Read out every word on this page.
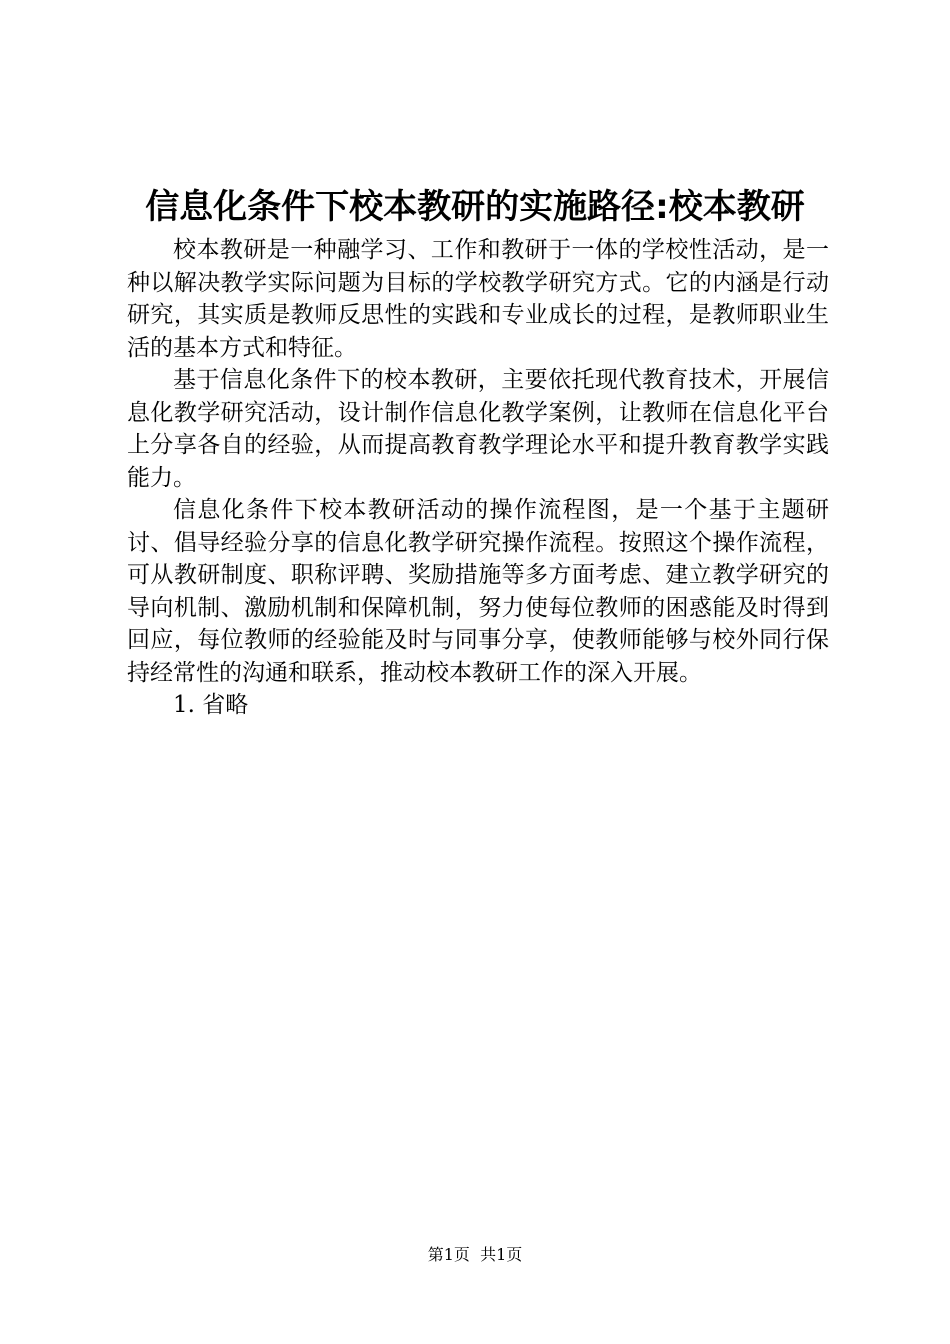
信息化条件下校本教研的实施路径:校本教研

校本教研是一种融学习、工作和教研于一体的学校性活动，是一种以解决教学实际问题为目标的学校教学研究方式。它的内涵是行动研究，其实质是教师反思性的实践和专业成长的过程，是教师职业生活的基本方式和特征。

基于信息化条件下的校本教研，主要依托现代教育技术，开展信息化教学研究活动，设计制作信息化教学案例，让教师在信息化平台上分享各自的经验，从而提高教育教学理论水平和提升教育教学实践能力。

信息化条件下校本教研活动的操作流程图，是一个基于主题研讨、倡导经验分享的信息化教学研究操作流程。按照这个操作流程，可从教研制度、职称评聘、奖励措施等多方面考虑、建立教学研究的导向机制、激励机制和保障机制，努力使每位教师的困惑能及时得到回应，每位教师的经验能及时与同事分享，使教师能够与校外同行保持经常性的沟通和联系，推动校本教研工作的深入开展。

1. 省略

第1页  共1页
